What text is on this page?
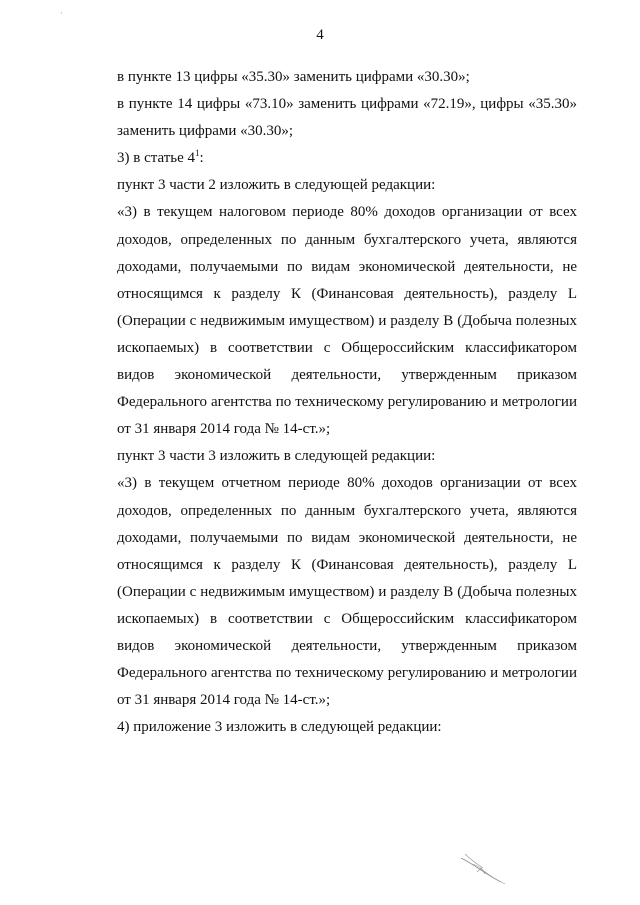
·
4

в пункте 13 цифры «35.30» заменить цифрами «30.30»;

в пункте 14 цифры «73.10» заменить цифрами «72.19», цифры «35.30» заменить цифрами «30.30»;

3) в статье $4^1$:

пункт 3 части 2 изложить в следующей редакции:

«3) в текущем налоговом периоде 80% доходов организации от всех доходов, определенных по данным бухгалтерского учета, являются доходами, получаемыми по видам экономической деятельности, не относящимся к разделу К (Финансовая деятельность), разделу L (Операции с недвижимым имуществом) и разделу В (Добыча полезных ископаемых) в соответствии с Общероссийским классификатором видов экономической деятельности, утвержденным приказом Федерального агентства по техническому регулированию и метрологии от 31 января 2014 года № 14-ст.»;

пункт 3 части 3 изложить в следующей редакции:

«3) в текущем отчетном периоде 80% доходов организации от всех доходов, определенных по данным бухгалтерского учета, являются доходами, получаемыми по видам экономической деятельности, не относящимся к разделу К (Финансовая деятельность), разделу L (Операции с недвижимым имуществом) и разделу В (Добыча полезных ископаемых) в соответствии с Общероссийским классификатором видов экономической деятельности, утвержденным приказом Федерального агентства по техническому регулированию и метрологии от 31 января 2014 года № 14-ст.»;

4) приложение 3 изложить в следующей редакции:
